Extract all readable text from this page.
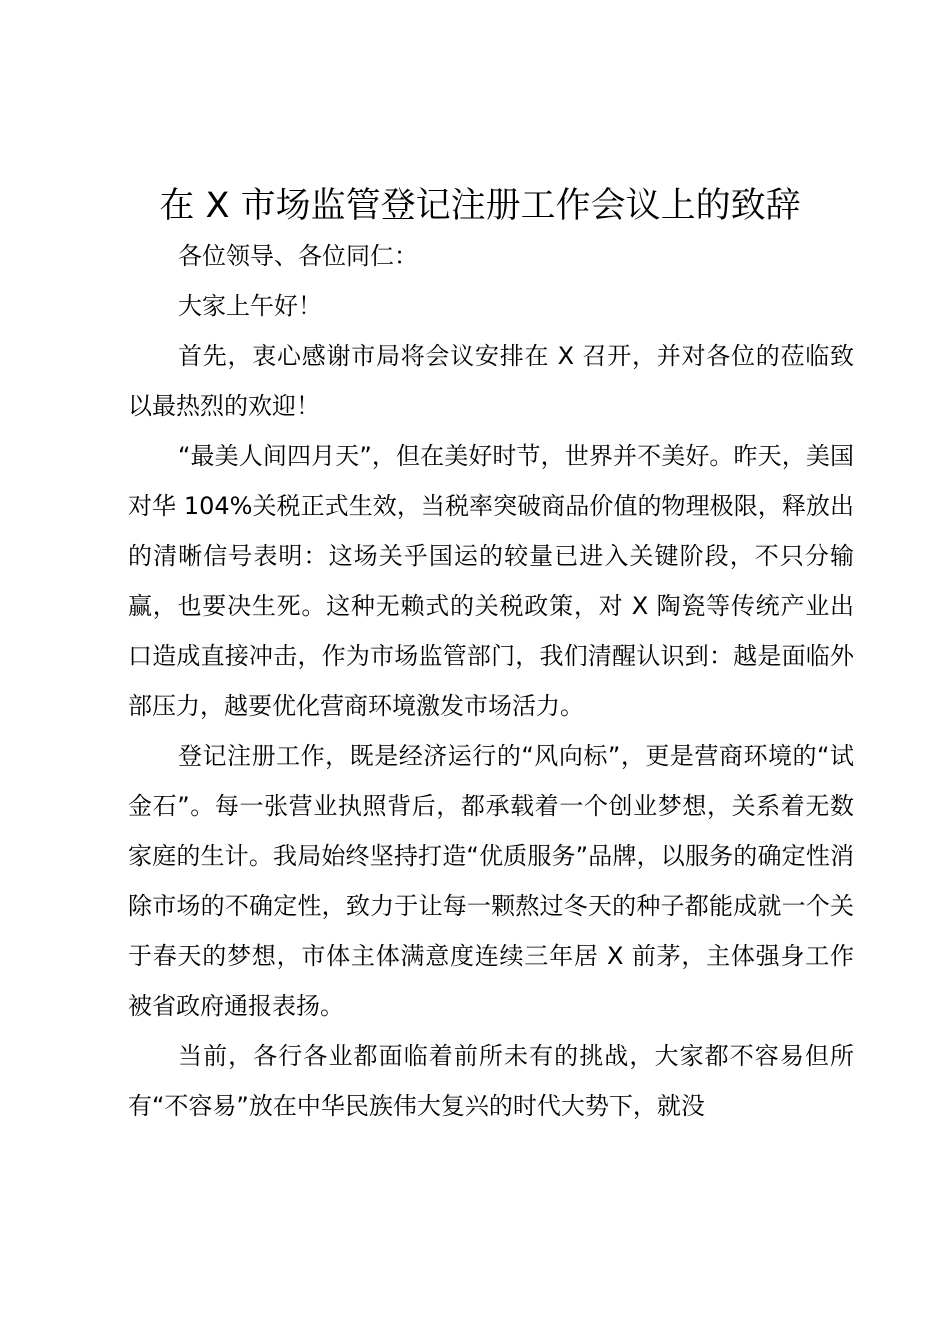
在 X 市场监管登记注册工作会议上的致辞

各位领导、各位同仁：

大家上午好！

首先，衷心感谢市局将会议安排在 X 召开，并对各位的莅临致以最热烈的欢迎！

“最美人间四月天”，但在美好时节，世界并不美好。昨天，美国对华 104%关税正式生效，当税率突破商品价值的物理极限，释放出的清晰信号表明：这场关乎国运的较量已进入关键阶段，不只分输赢，也要决生死。这种无赖式的关税政策，对 X 陶瓷等传统产业出口造成直接冲击，作为市场监管部门，我们清醒认识到：越是面临外部压力，越要优化营商环境激发市场活力。

登记注册工作，既是经济运行的“风向标”，更是营商环境的“试金石”。每一张营业执照背后，都承载着一个创业梦想，关系着无数家庭的生计。我局始终坚持打造“优质服务”品牌，以服务的确定性消除市场的不确定性，致力于让每一颗熬过冬天的种子都能成就一个关于春天的梦想，市体主体满意度连续三年居 X 前茅，主体强身工作被省政府通报表扬。

当前，各行各业都面临着前所未有的挑战，大家都不容易但所有“不容易”放在中华民族伟大复兴的时代大势下，就没
